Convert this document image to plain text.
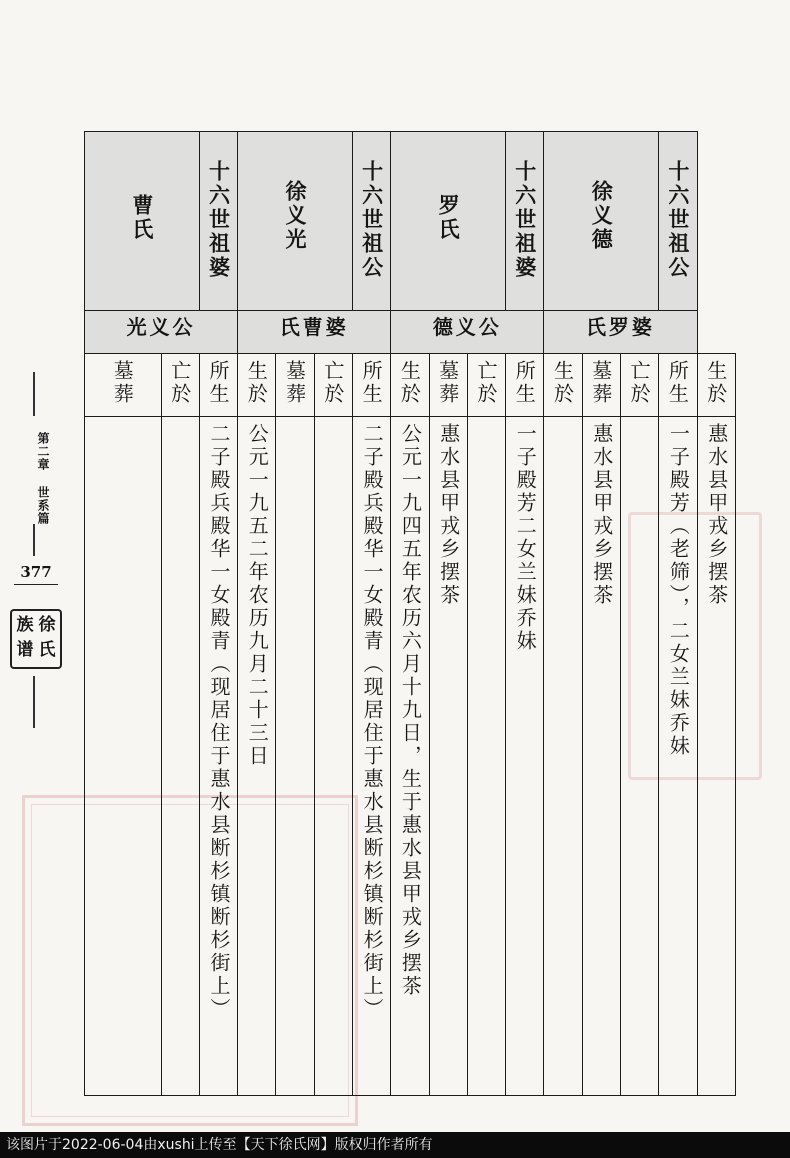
曹氏		十六世祖婆	徐义光			十六世祖公	罗氏			十六世祖婆	徐义德			十六世祖公	
光义公			氏曹婆				德义公				氏罗婆				

墓葬	亡於	所生	生於	墓葬	亡於	所生	生於	墓葬	亡於	所生	生於	墓葬	亡於	所生	生於

		二子殿兵殿华一女殿青（现居住于惠水县断杉镇断杉街上）	公元一九五二年农历九月二十三日			二子殿兵殿华一女殿青（现居住于惠水县断杉镇断杉街上）	公元一九四五年农历六月十九日，生于惠水县甲戎乡摆茶	惠水县甲戎乡摆茶		一子殿芳二女兰妹乔妹		惠水县甲戎乡摆茶		一子殿芳（老筛），二女兰妹乔妹	惠水县甲戎乡摆茶
第二章 世系篇
377
徐
氏
族
谱
该图片于2022-06-04由xushi上传至【天下徐氏网】版权归作者所有
